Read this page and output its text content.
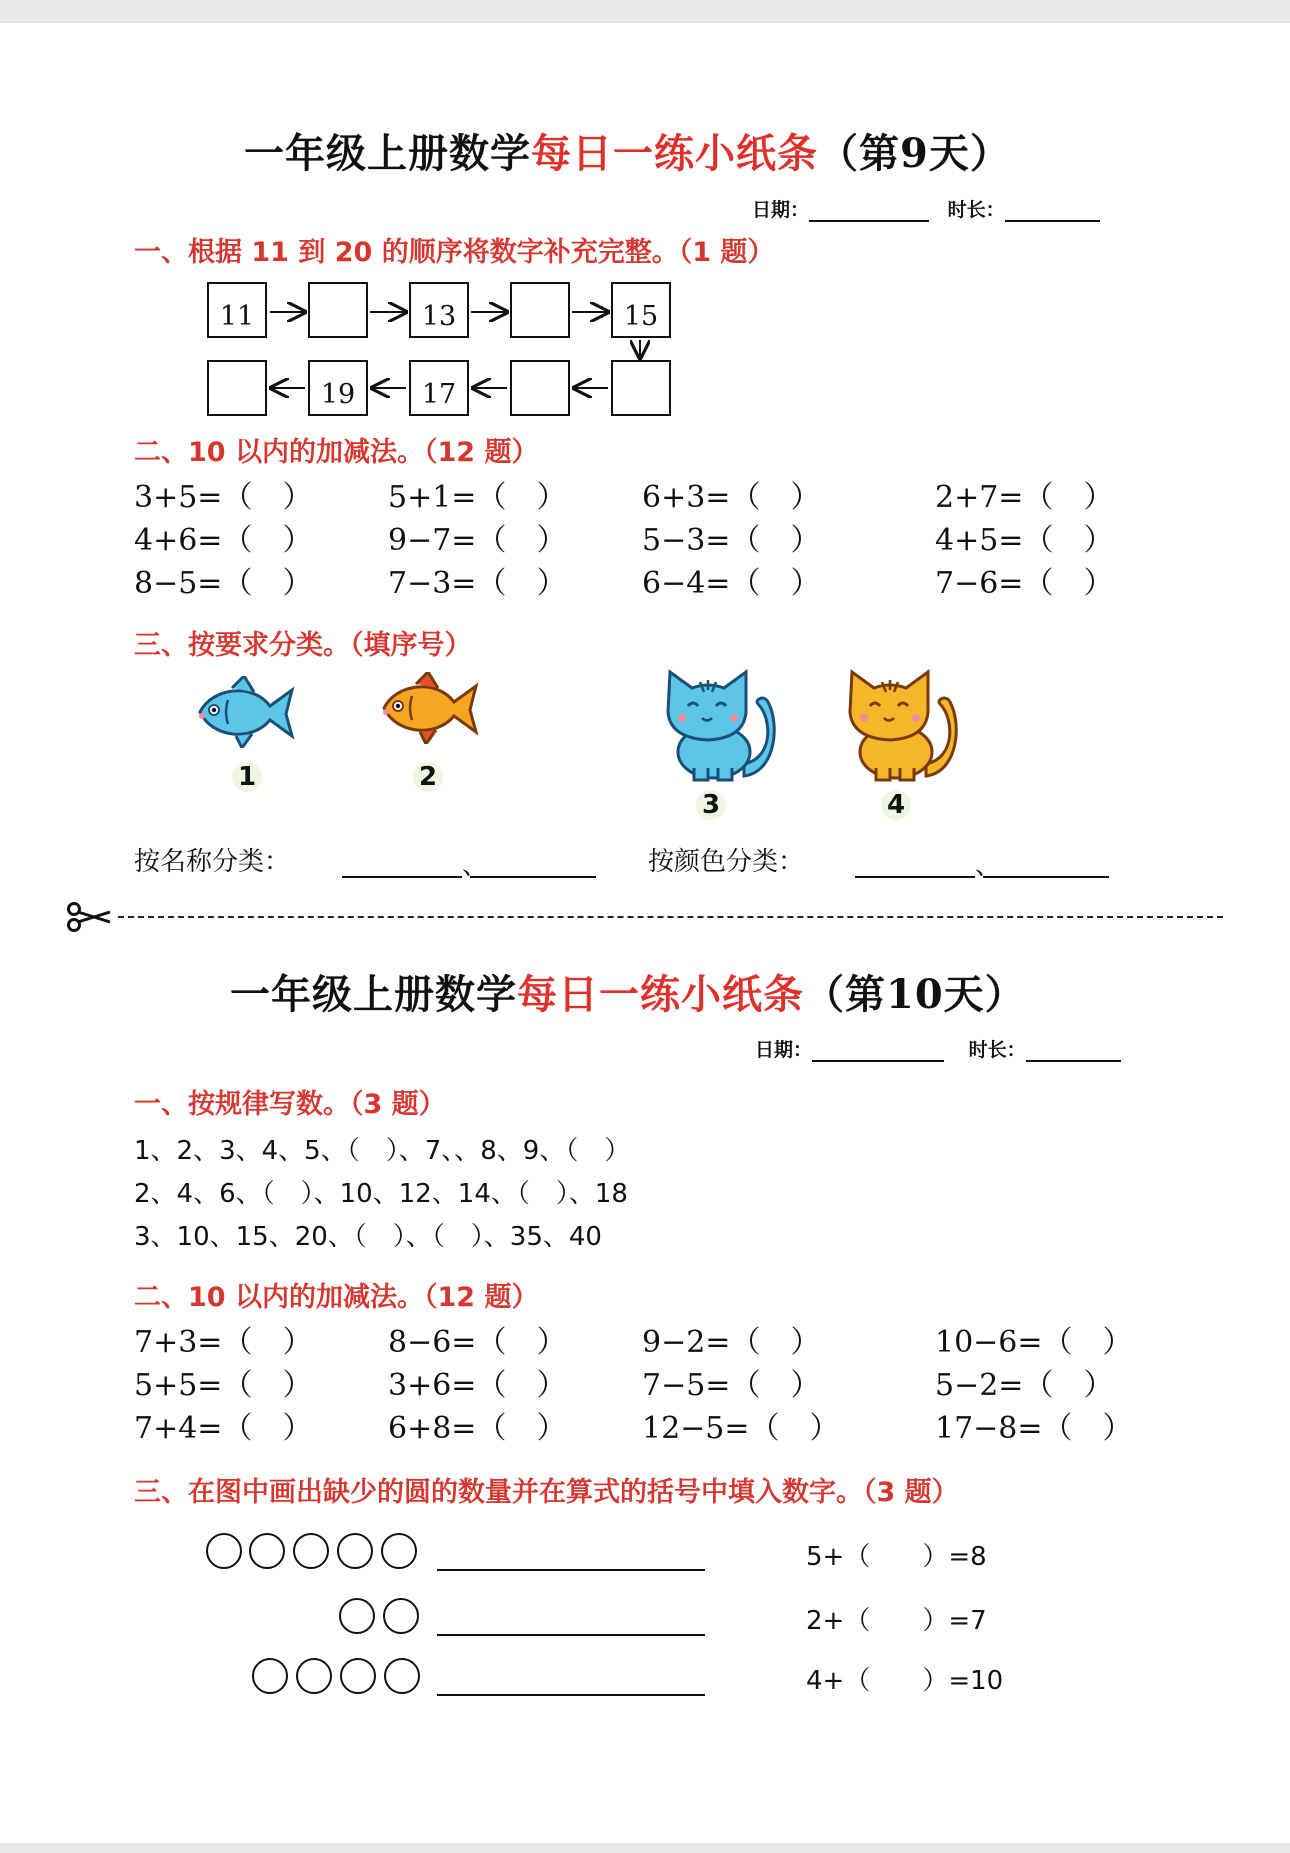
一年级上册数学每日一练小纸条（第9天）
日期：	时长：
一、根据 11 到 20 的顺序将数字补充完整。（1 题）
11	13	15
19	17
二、10 以内的加减法。（12 题）
3+5=（　）	5+1=（　）	6+3=（　）	2+7=（　）
4+6=（　）	9−7=（　）	5−3=（　）	4+5=（　）
8−5=（　）	7−3=（　）	6−4=（　）	7−6=（　）
三、按要求分类。（填序号）
1	2
3	4
按名称分类：	、	按颜色分类：	、
一年级上册数学每日一练小纸条（第10天）
日期：	时长：
一、按规律写数。（3 题）
1、2、3、4、5、（　）、7、、8、9、（　）
2、4、6、（　）、10、12、14、（　）、18
3、10、15、20、（　）、（　）、35、40
二、10 以内的加减法。（12 题）
7+3=（　）	8−6=（　）	9−2=（　）	10−6=（　）
5+5=（　）	3+6=（　）	7−5=（　）	5−2=（　）
7+4=（　）	6+8=（　）	12−5=（　）	17−8=（　）
三、在图中画出缺少的圆的数量并在算式的括号中填入数字。（3 题）
5+（　　）=8
2+（　　）=7
4+（　　）=10
